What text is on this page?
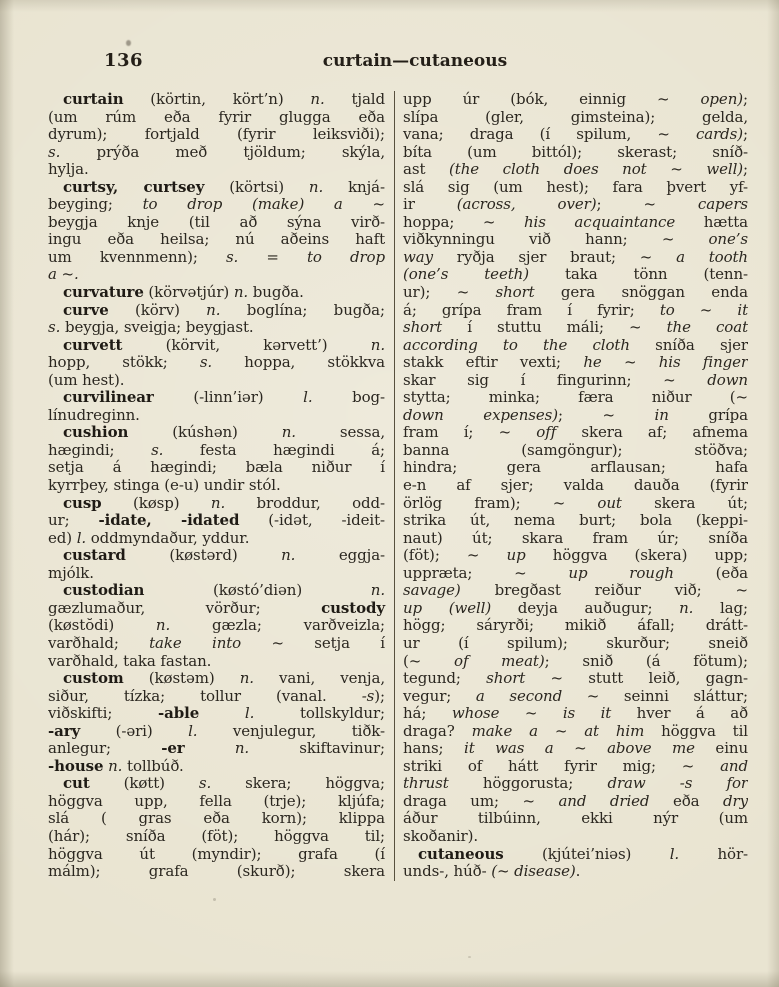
136	curtain—cutaneous
curtain (körtin, kört’n) n. tjald
(um rúm eða fyrir glugga eða
dyrum); fortjald (fyrir leiksviði);
s. prýða með tjöldum; skýla,
hylja.
curtsy, curtsey (körtsi) n. knjá-
beyging; to drop (make) a ~
beygja knje (til að sýna virð-
ingu eða heilsa; nú aðeins haft
um kvennmenn); s. = to drop
a ~.
curvature (körvətjúr) n. bugða.
curve (körv) n. boglína; bugða;
s. beygja, sveigja; beygjast.
curvett (körvit, kərvett’) n.
hopp, stökk; s. hoppa, stökkva
(um hest).
curvilinear (-linn’iər) l. bog-
línudreginn.
cushion (kúshən) n. sessa,
hægindi; s. festa hægindi á;
setja á hægindi; bæla niður í
kyrrþey, stinga (e-u) undir stól.
cusp (køsp) n. broddur, odd-
ur; -idate, -idated (-idət, -ideit-
ed) l. oddmyndaður, yddur.
custard (køstərd) n. eggja-
mjólk.
custodian (køstó’diən) n.
gæzlumaður, vörður; custody
(køstŏdi) n. gæzla; varðveizla;
varðhald; take into ~ setja í
varðhald, taka fastan.
custom (køstəm) n. vani, venja,
siður, tízka; tollur (vanal. -s);
viðskifti; -able	l. tollskyldur;
-ary (-əri) l. venjulegur, tiðk-
anlegur; -er	n. skiftavinur;
-house n. tollbúð.
cut (køtt) s. skera; höggva;
höggva upp, fella (trje); kljúfa;
slá ( gras eða korn); klippa
(hár); sníða (föt); höggva til;
höggva út (myndir); grafa (í
málm); grafa (skurð); skera
upp úr (bók, einnig ~ open);
slípa (gler, gimsteina); gelda,
vana; draga (í spilum, ~ cards);
bíta (um bittól); skerast; sníð-
ast (the cloth does not ~ well);
slá sig (um hest); fara þvert yf-
ir (across, over); ~ capers
hoppa; ~ his acquaintance hætta
viðkynningu við hann; ~ one’s
way ryðja sjer braut; ~ a tooth
(one’s teeth) taka tönn (tenn-
ur); ~ short gera snöggan enda
á; grípa fram í fyrir; to ~ it
short í stuttu máli; ~ the coat
according to the cloth sníða sjer
stakk eftir vexti; he ~ his finger
skar sig í fingurinn; ~ down
stytta; minka; færa niður (~
down expenses); ~ in grípa
fram í; ~ off skera af; afnema
banna (samgöngur); stöðva;
hindra; gera arflausan; hafa
e-n af sjer; valda dauða (fyrir
örlög fram); ~ out skera út;
strika út, nema burt; bola (keppi-
naut) út; skara fram úr; sníða
(föt); ~ up höggva (skera) upp;
uppræta; ~ up rough (eða
savage) bregðast reiður við; ~
up (well) deyja auðugur; n. lag;
högg; sáryrði; mikið áfall; drátt-
ur (í spilum); skurður; sneið
(~ of meat); snið (á fötum);
tegund; short ~ stutt leið, gagn-
vegur; a second ~ seinni sláttur;
há; whose ~ is it hver á að
draga? make a ~ at him höggva til
hans; it was a ~ above me einu
striki of hátt fyrir mig; ~ and
thrust höggorusta; draw -s for
draga um; ~ and dried eða dry
áður tilbúinn, ekki nýr (um
skoðanir).
cutaneous (kjútei’niəs) l. hör-
unds-, húð- (~ disease).
